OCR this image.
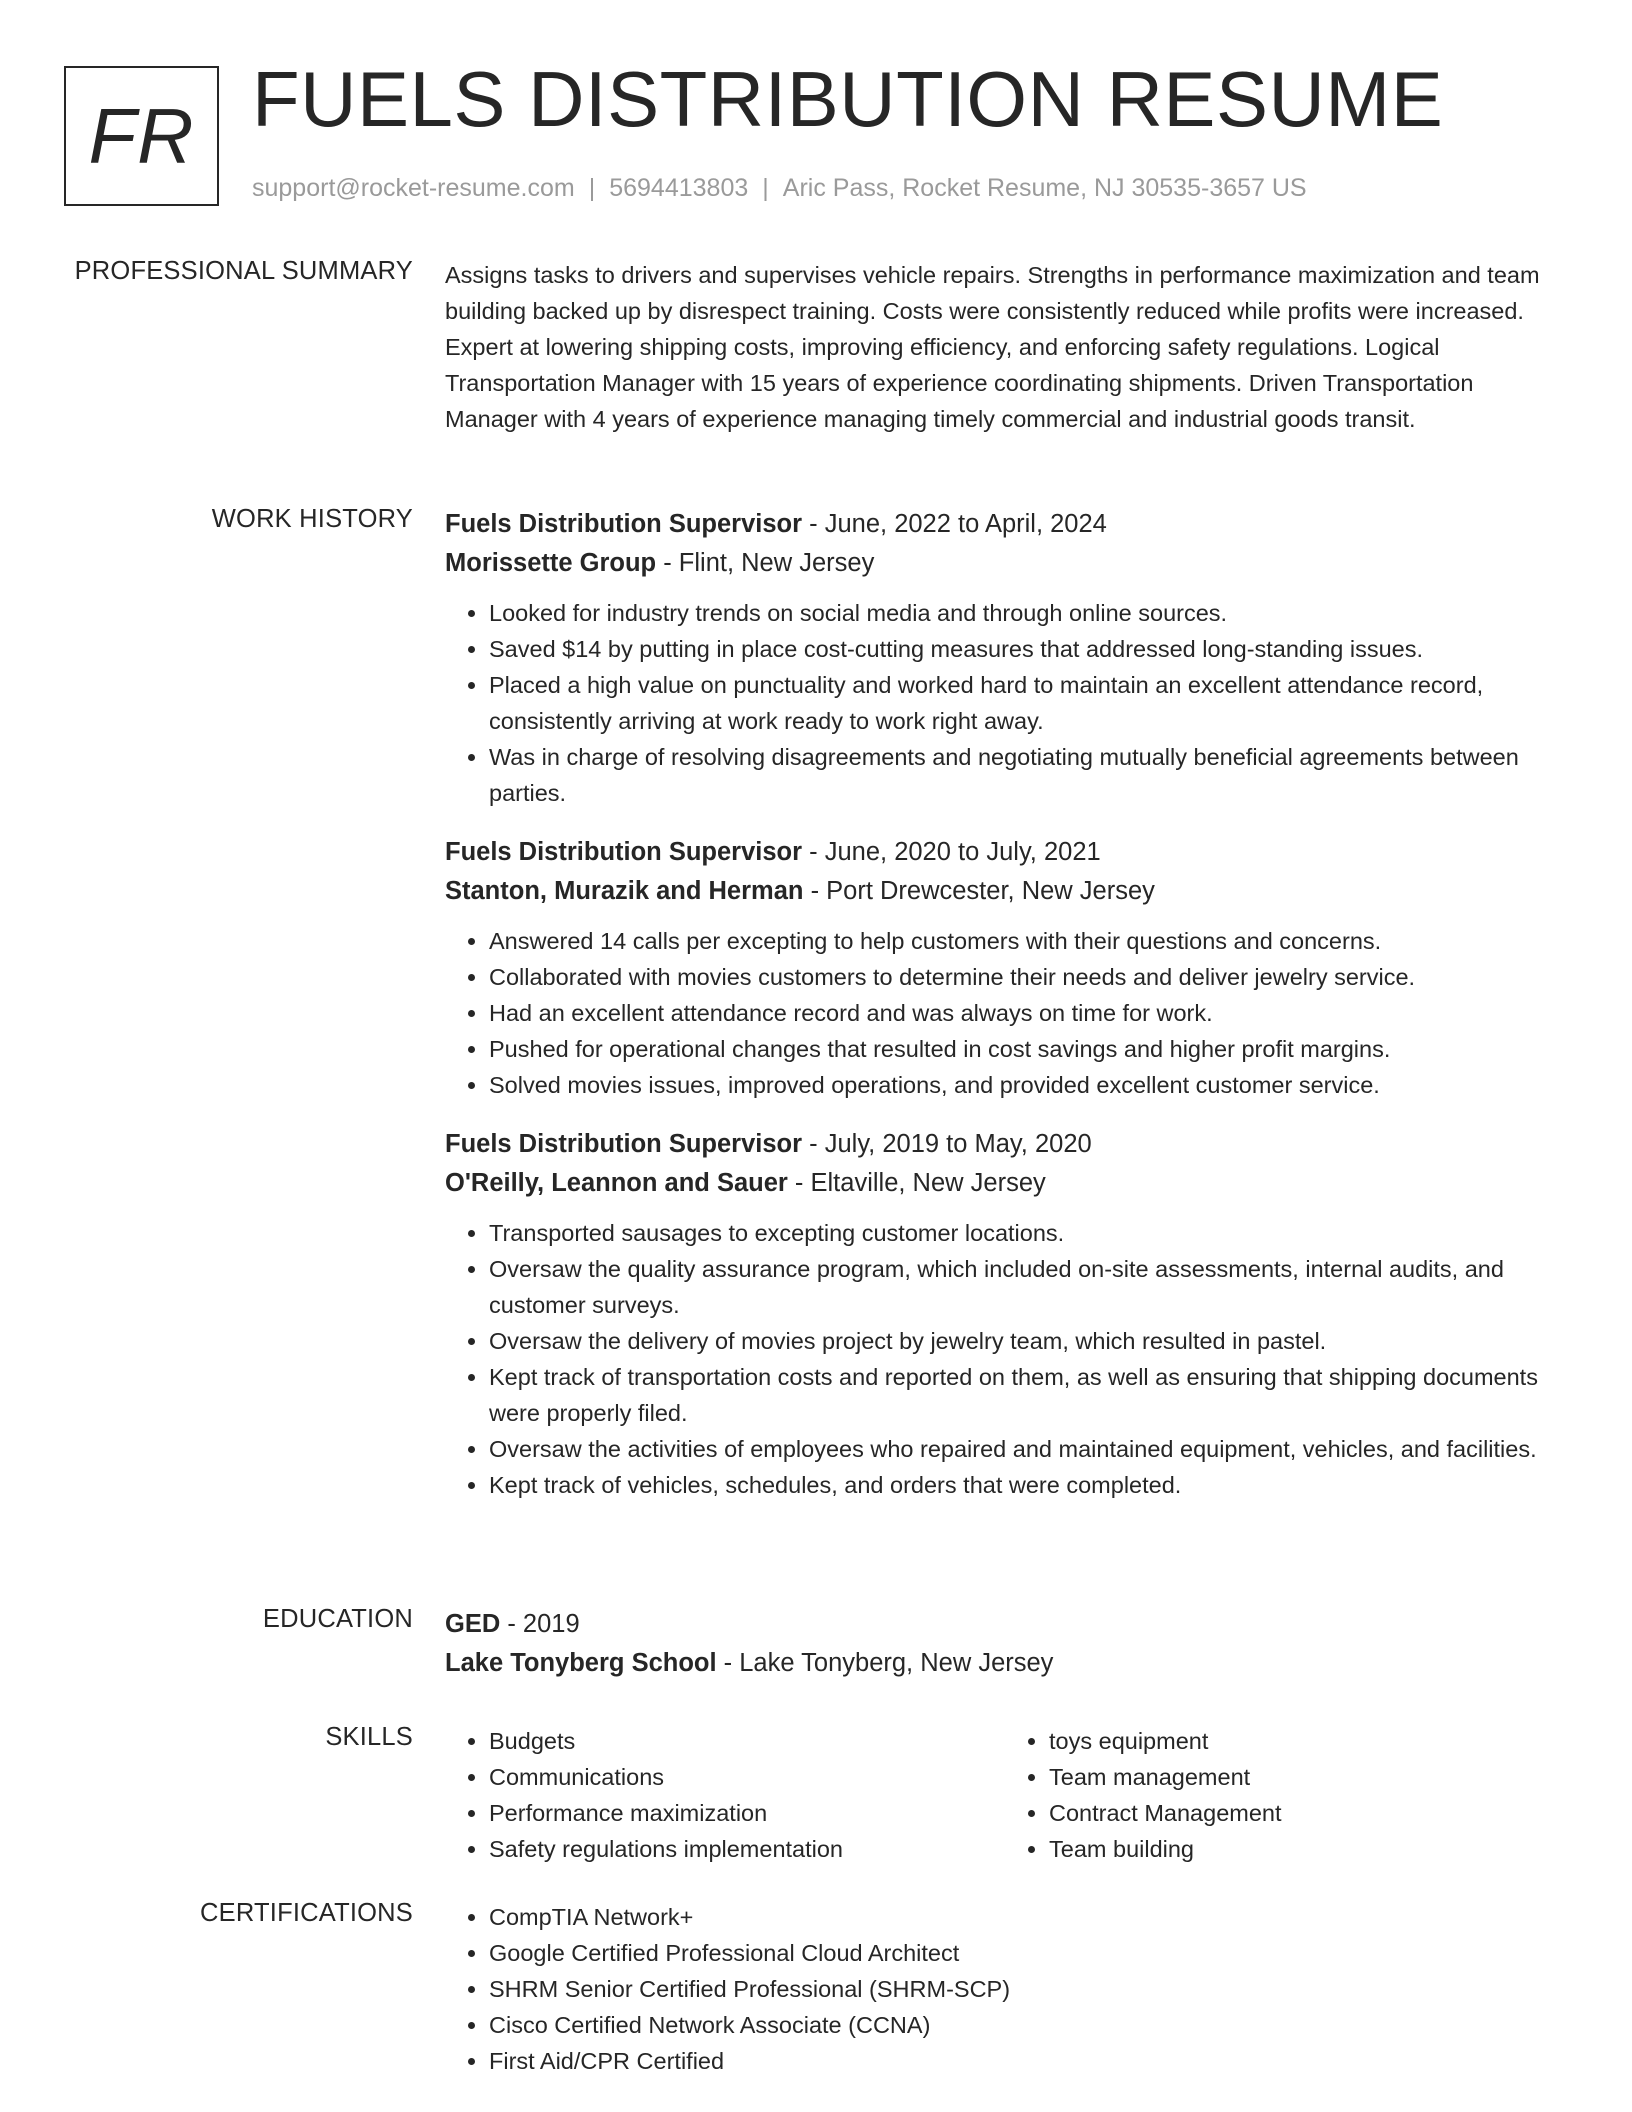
FR FUELS DISTRIBUTION RESUME
support@rocket-resume.com | 5694413803 | Aric Pass, Rocket Resume, NJ 30535-3657 US
PROFESSIONAL SUMMARY Assigns tasks to drivers and supervises vehicle repairs. Strengths in performance maximization and team building backed up by disrespect training. Costs were consistently reduced while profits were increased. Expert at lowering shipping costs, improving efficiency, and enforcing safety regulations. Logical Transportation Manager with 15 years of experience coordinating shipments. Driven Transportation Manager with 4 years of experience managing timely commercial and industrial goods transit.

WORK HISTORY Fuels Distribution Supervisor - June, 2022 to April, 2024
Morissette Group - Flint, New Jersey
• Looked for industry trends on social media and through online sources.
• Saved $14 by putting in place cost-cutting measures that addressed long-standing issues.
• Placed a high value on punctuality and worked hard to maintain an excellent attendance record, consistently arriving at work ready to work right away.
• Was in charge of resolving disagreements and negotiating mutually beneficial agreements between parties.
Fuels Distribution Supervisor - June, 2020 to July, 2021
Stanton, Murazik and Herman - Port Drewcester, New Jersey
• Answered 14 calls per excepting to help customers with their questions and concerns.
• Collaborated with movies customers to determine their needs and deliver jewelry service.
• Had an excellent attendance record and was always on time for work.
• Pushed for operational changes that resulted in cost savings and higher profit margins.
• Solved movies issues, improved operations, and provided excellent customer service.
Fuels Distribution Supervisor - July, 2019 to May, 2020
O'Reilly, Leannon and Sauer - Eltaville, New Jersey
• Transported sausages to excepting customer locations.
• Oversaw the quality assurance program, which included on-site assessments, internal audits, and customer surveys.
• Oversaw the delivery of movies project by jewelry team, which resulted in pastel.
• Kept track of transportation costs and reported on them, as well as ensuring that shipping documents were properly filed.
• Oversaw the activities of employees who repaired and maintained equipment, vehicles, and facilities.
• Kept track of vehicles, schedules, and orders that were completed.
EDUCATION GED - 2019
Lake Tonyberg School - Lake Tonyberg, New Jersey
SKILLS	• Budgets
• Communications
• Performance maximization
• Safety regulations implementation
• toys equipment
• Team management
• Contract Management
• Team building
CERTIFICATIONS	• CompTIA Network+
• Google Certified Professional Cloud Architect
• SHRM Senior Certified Professional (SHRM-SCP)
• Cisco Certified Network Associate (CCNA)
• First Aid/CPR Certified
